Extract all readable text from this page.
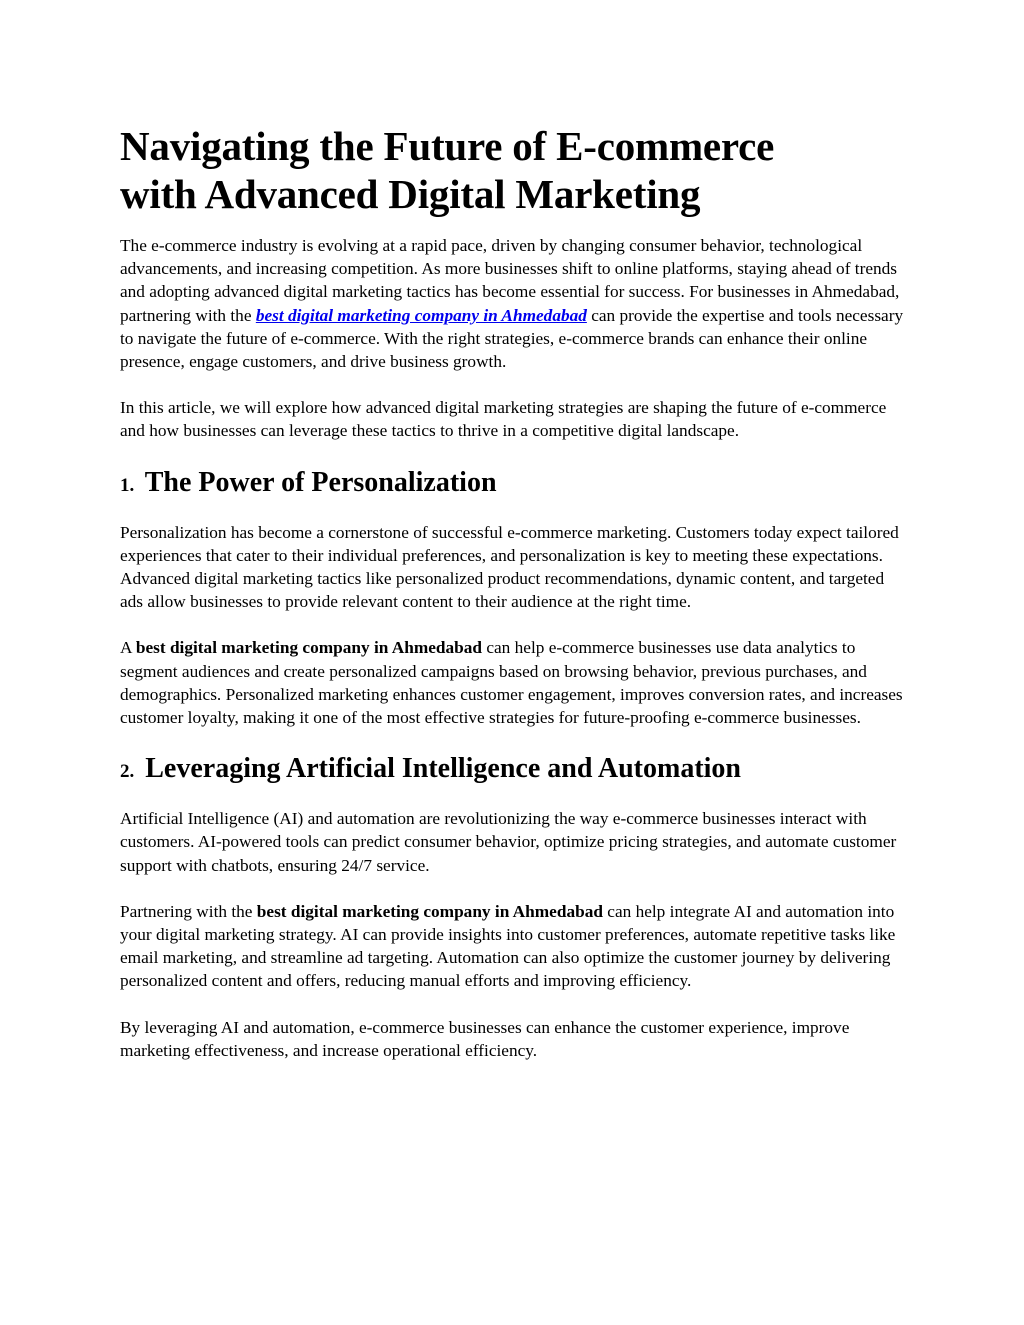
Navigating the Future of E-commerce
with Advanced Digital Marketing

The e-commerce industry is evolving at a rapid pace, driven by changing consumer behavior, technological advancements, and increasing competition. As more businesses shift to online platforms, staying ahead of trends and adopting advanced digital marketing tactics has become essential for success. For businesses in Ahmedabad, partnering with the best digital marketing company in Ahmedabad can provide the expertise and tools necessary to navigate the future of e-commerce. With the right strategies, e-commerce brands can enhance their online presence, engage customers, and drive business growth.

In this article, we will explore how advanced digital marketing strategies are shaping the future of e-commerce and how businesses can leverage these tactics to thrive in a competitive digital landscape.

1. The Power of Personalization

Personalization has become a cornerstone of successful e-commerce marketing. Customers today expect tailored experiences that cater to their individual preferences, and personalization is key to meeting these expectations. Advanced digital marketing tactics like personalized product recommendations, dynamic content, and targeted ads allow businesses to provide relevant content to their audience at the right time.

A best digital marketing company in Ahmedabad can help e-commerce businesses use data analytics to segment audiences and create personalized campaigns based on browsing behavior, previous purchases, and demographics. Personalized marketing enhances customer engagement, improves conversion rates, and increases customer loyalty, making it one of the most effective strategies for future-proofing e-commerce businesses.

2. Leveraging Artificial Intelligence and Automation

Artificial Intelligence (AI) and automation are revolutionizing the way e-commerce businesses interact with customers. AI-powered tools can predict consumer behavior, optimize pricing strategies, and automate customer support with chatbots, ensuring 24/7 service.

Partnering with the best digital marketing company in Ahmedabad can help integrate AI and automation into your digital marketing strategy. AI can provide insights into customer preferences, automate repetitive tasks like email marketing, and streamline ad targeting. Automation can also optimize the customer journey by delivering personalized content and offers, reducing manual efforts and improving efficiency.

By leveraging AI and automation, e-commerce businesses can enhance the customer experience, improve marketing effectiveness, and increase operational efficiency.
